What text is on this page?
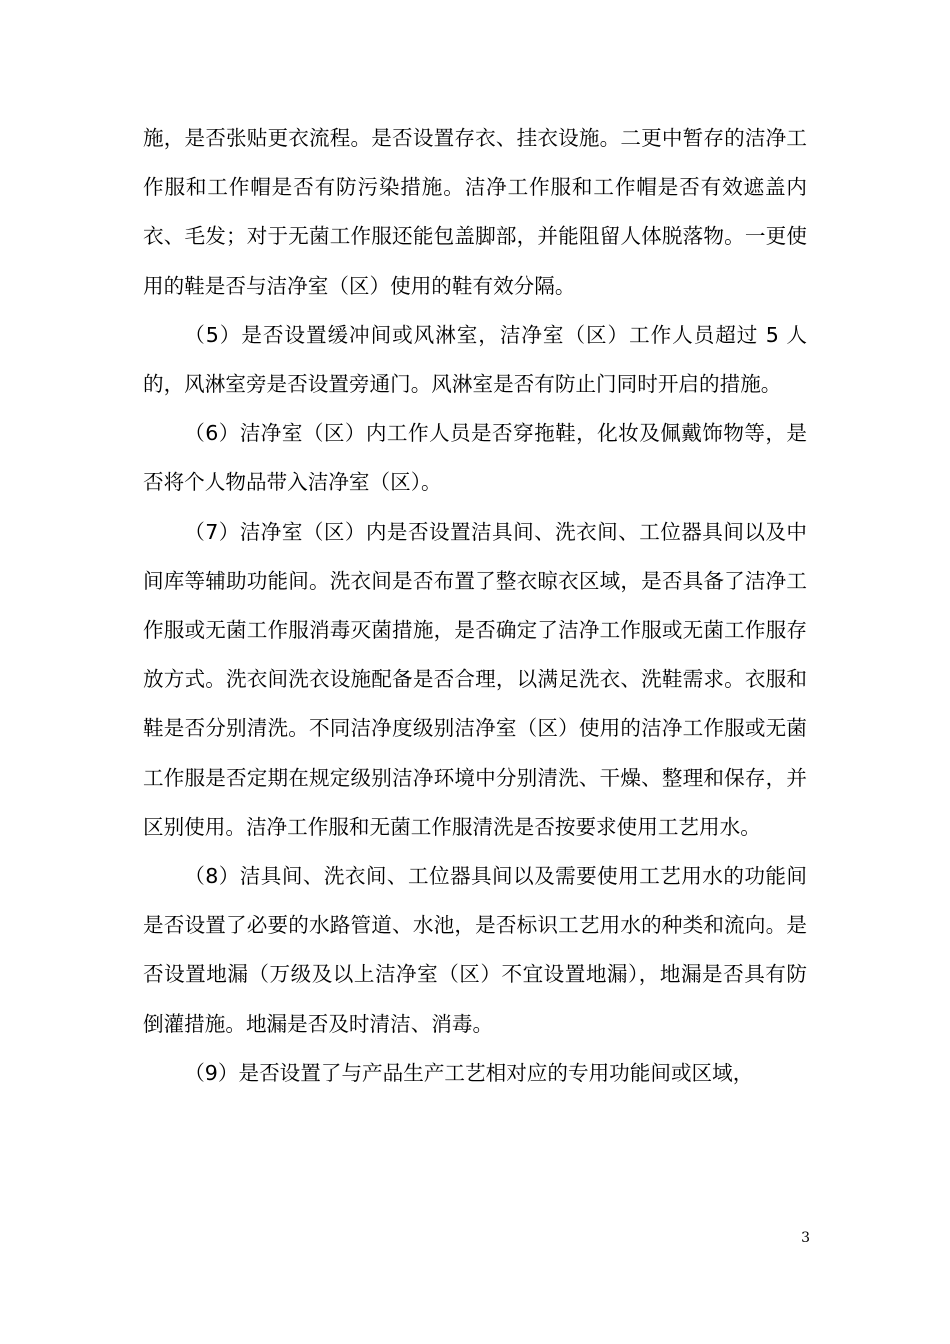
施，是否张贴更衣流程。是否设置存衣、挂衣设施。二更中暂存的洁净工作服和工作帽是否有防污染措施。洁净工作服和工作帽是否有效遮盖内衣、毛发；对于无菌工作服还能包盖脚部，并能阻留人体脱落物。一更使用的鞋是否与洁净室（区）使用的鞋有效分隔。

（5）是否设置缓冲间或风淋室，洁净室（区）工作人员超过 5 人的，风淋室旁是否设置旁通门。风淋室是否有防止门同时开启的措施。

（6）洁净室（区）内工作人员是否穿拖鞋，化妆及佩戴饰物等，是否将个人物品带入洁净室（区）。

（7）洁净室（区）内是否设置洁具间、洗衣间、工位器具间以及中间库等辅助功能间。洗衣间是否布置了整衣晾衣区域，是否具备了洁净工作服或无菌工作服消毒灭菌措施，是否确定了洁净工作服或无菌工作服存放方式。洗衣间洗衣设施配备是否合理，以满足洗衣、洗鞋需求。衣服和鞋是否分别清洗。不同洁净度级别洁净室（区）使用的洁净工作服或无菌工作服是否定期在规定级别洁净环境中分别清洗、干燥、整理和保存，并区别使用。洁净工作服和无菌工作服清洗是否按要求使用工艺用水。

（8）洁具间、洗衣间、工位器具间以及需要使用工艺用水的功能间是否设置了必要的水路管道、水池，是否标识工艺用水的种类和流向。是否设置地漏（万级及以上洁净室（区）不宜设置地漏），地漏是否具有防倒灌措施。地漏是否及时清洁、消毒。

（9）是否设置了与产品生产工艺相对应的专用功能间或区域，

3
